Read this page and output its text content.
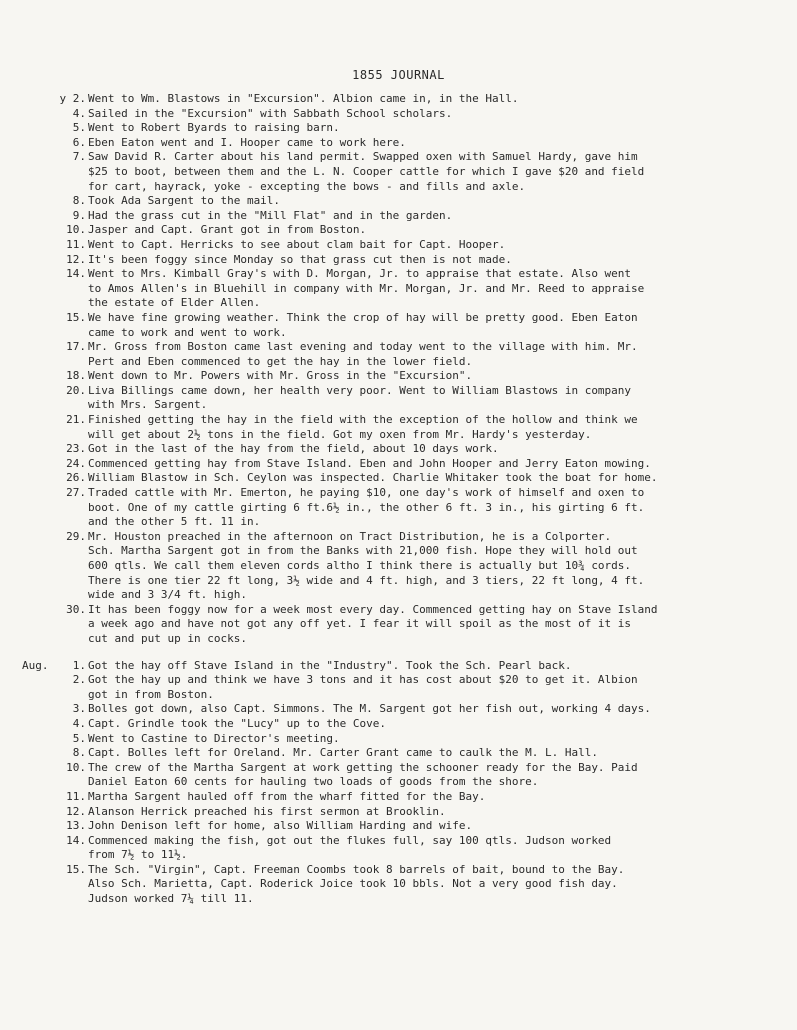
1855 JOURNAL
y 2. Went to Wm. Blastows in "Excursion". Albion came in, in the Hall.
4. Sailed in the "Excursion" with Sabbath School scholars.
5. Went to Robert Byards to raising barn.
6. Eben Eaton went and I. Hooper came to work here.
7. Saw David R. Carter about his land permit. Swapped oxen with Samuel Hardy, gave him
$25 to boot, between them and the L. N. Cooper cattle for which I gave $20 and field
for cart, hayrack, yoke - excepting the bows - and fills and axle.
8. Took Ada Sargent to the mail.
9. Had the grass cut in the "Mill Flat" and in the garden.
10. Jasper and Capt. Grant got in from Boston.
11. Went to Capt. Herricks to see about clam bait for Capt. Hooper.
12. It's been foggy since Monday so that grass cut then is not made.
14. Went to Mrs. Kimball Gray's with D. Morgan, Jr. to appraise that estate. Also went
to Amos Allen's in Bluehill in company with Mr. Morgan, Jr. and Mr. Reed to appraise
the estate of Elder Allen.
15. We have fine growing weather. Think the crop of hay will be pretty good. Eben Eaton
came to work and went to work.
17. Mr. Gross from Boston came last evening and today went to the village with him. Mr.
Pert and Eben commenced to get the hay in the lower field.
18. Went down to Mr. Powers with Mr. Gross in the "Excursion".
20. Liva Billings came down, her health very poor. Went to William Blastows in company
with Mrs. Sargent.
21. Finished getting the hay in the field with the exception of the hollow and think we
will get about 2½ tons in the field. Got my oxen from Mr. Hardy's yesterday.
23. Got in the last of the hay from the field, about 10 days work.
24. Commenced getting hay from Stave Island. Eben and John Hooper and Jerry Eaton mowing.
26. William Blastow in Sch. Ceylon was inspected. Charlie Whitaker took the boat for home.
27. Traded cattle with Mr. Emerton, he paying $10, one day's work of himself and oxen to
boot. One of my cattle girting 6 ft.6½ in., the other 6 ft. 3 in., his girting 6 ft.
and the other 5 ft. 11 in.
29. Mr. Houston preached in the afternoon on Tract Distribution, he is a Colporter.
Sch. Martha Sargent got in from the Banks with 21,000 fish. Hope they will hold out
600 qtls. We call them eleven cords altho I think there is actually but 10¾ cords.
There is one tier 22 ft long, 3½ wide and 4 ft. high, and 3 tiers, 22 ft long, 4 ft.
wide and 3 3/4 ft. high.
30. It has been foggy now for a week most every day. Commenced getting hay on Stave Island
a week ago and have not got any off yet. I fear it will spoil as the most of it is
cut and put up in cocks.
Aug. 1. Got the hay off Stave Island in the "Industry". Took the Sch. Pearl back.
2. Got the hay up and think we have 3 tons and it has cost about $20 to get it. Albion
got in from Boston.
3. Bolles got down, also Capt. Simmons. The M. Sargent got her fish out, working 4 days.
4. Capt. Grindle took the "Lucy" up to the Cove.
5. Went to Castine to Director's meeting.
8. Capt. Bolles left for Oreland. Mr. Carter Grant came to caulk the M. L. Hall.
10. The crew of the Martha Sargent at work getting the schooner ready for the Bay. Paid
Daniel Eaton 60 cents for hauling two loads of goods from the shore.
11. Martha Sargent hauled off from the wharf fitted for the Bay.
12. Alanson Herrick preached his first sermon at Brooklin.
13. John Denison left for home, also William Harding and wife.
14. Commenced making the fish, got out the flukes full, say 100 qtls. Judson worked
from 7½ to 11½.
15. The Sch. "Virgin", Capt. Freeman Coombs took 8 barrels of bait, bound to the Bay.
Also Sch. Marietta, Capt. Roderick Joice took 10 bbls. Not a very good fish day.
Judson worked 7¼ till 11.
